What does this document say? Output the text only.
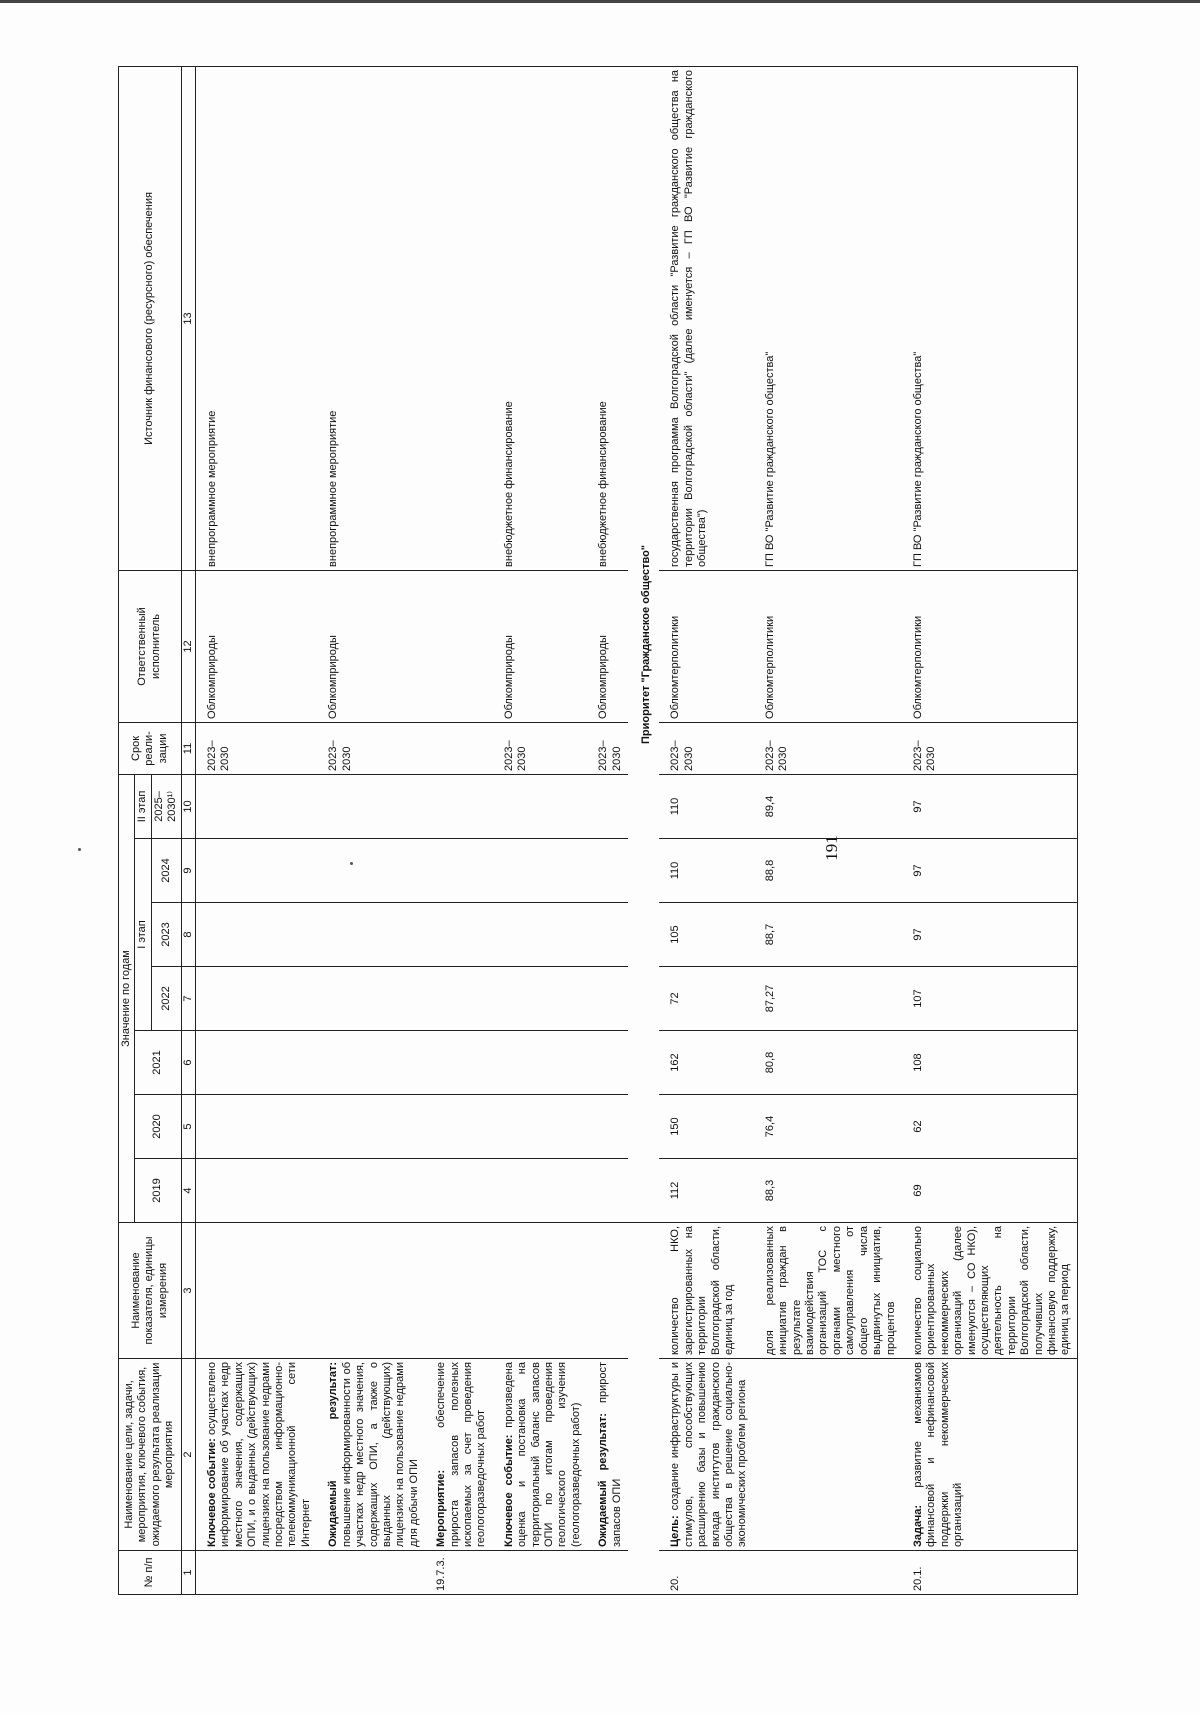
191
№ п/п	Наименование цели, задачи, мероприятия, ключевого события, ожидаемого результата реализации мероприятия	Наименование показателя, единицы измерения	Значение по годам							Срок реали-зации	Ответственный исполнитель	Источник финансового (ресурсного) обеспечения
			2019	2020	2021	I этап			II этап			
						2022	2023	2024	2025–2030¹⁾			
1	2	3	4	5	6	7	8	9	10	11	12	13
	Ключевое событие: осуществлено информирование об участках недр местного значения, содержащих ОПИ, и о выданных (действующих) лицензиях на пользование недрами посредством информационно-телекоммуникационной сети Интернет									2023–2030	Облкомприроды	внепрограммное мероприятие
	Ожидаемый результат: повышение информированности об участках недр местного значения, содержащих ОПИ, а также о выданных (действующих) лицензиях на пользование недрами для добычи ОПИ									2023–2030	Облкомприроды	внепрограммное мероприятие
19.7.3.	Мероприятие: обеспечение прироста запасов полезных ископаемых за счет проведения геологоразведочных работ											
	Ключевое событие: произведена оценка и постановка на территориальный баланс запасов ОПИ по итогам проведения геологического изучения (геологоразведочных работ)									2023–2030	Облкомприроды	внебюджетное финансирование
	Ожидаемый результат: прирост запасов ОПИ									2023–2030	Облкомприроды	внебюджетное финансирование
			Приоритет "Гражданское общество"									
20.	Цель: создание инфраструктуры и стимулов, способствующих расширению базы и повышению вклада институтов гражданского общества в решение социально-экономических проблем региона	количество НКО, зарегистрированных на территории Волгоградской области, единиц за год	112	150	162	72	105	110	110	2023–2030	Облкомтерполитики	государственная программа Волгоградской области "Развитие гражданского общества на территории Волгоградской области" (далее именуется – ГП ВО "Развитие гражданского общества")
		доля реализованных инициатив граждан в результате взаимодействия организаций ТОС с органами местного самоуправления от общего числа выдвинутых инициатив, процентов	88,3	76,4	80,8	87,27	88,7	88,8	89,4	2023–2030	Облкомтерполитики	ГП ВО "Развитие гражданского общества"
20.1.	Задача: развитие механизмов финансовой и нефинансовой поддержки некоммерческих организаций	количество социально ориентированных некоммерческих организаций (далее именуются – СО НКО), осуществляющих деятельность на территории Волгоградской области, получивших финансовую поддержку, единиц за период	69	62	108	107	97	97	97	2023–2030	Облкомтерполитики	ГП ВО "Развитие гражданского общества"
